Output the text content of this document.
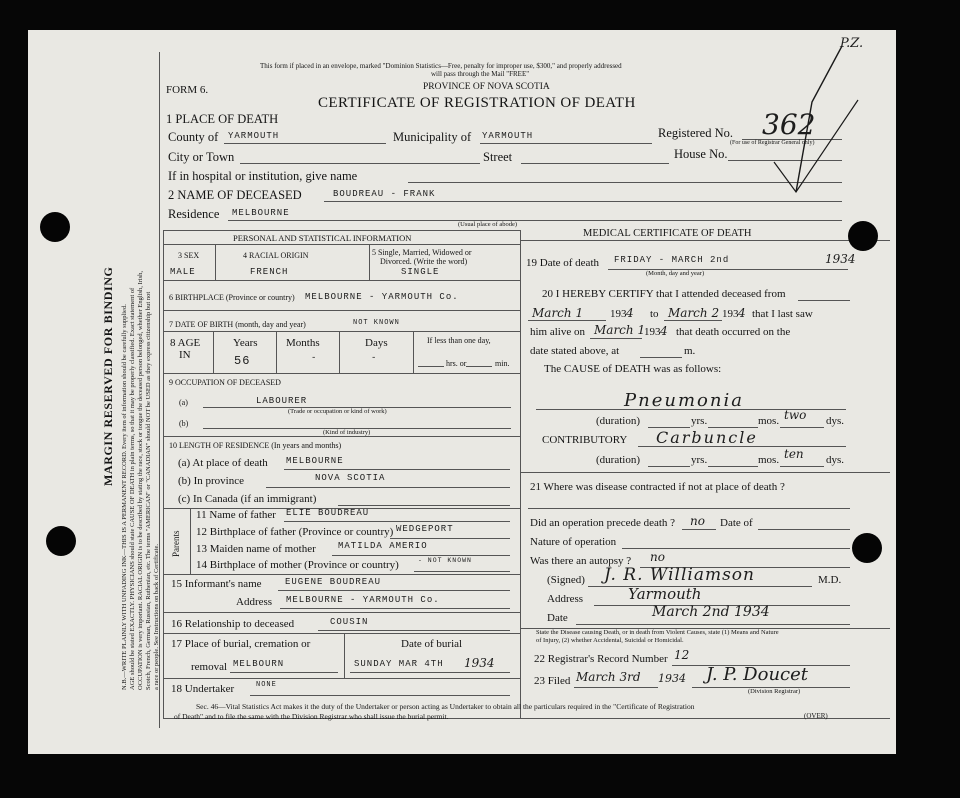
MARGIN RESERVED FOR BINDING N.B.—WRITE PLAINLY WITH UNFADING INK—THIS IS A PERMANENT RECORD. Every item of information should be carefully supplied. AGE should be stated EXACTLY. PHYSICIANS should state CAUSE OF DEATH in plain terms, so that it may be properly classified. Exact statement of OCCUPATION is very important. RACIAL ORIGIN is to be described by stating the race, stock or tongue the deceased person belonged, whether English, Irish, Scotch, French, German, Russian, Ruthenian, etc. The terms "AMERICAN" or "CANADIAN" should NOT be USED as they express citizenship but not a race or people. See Instructions on back of Certificate.
This form if placed in an envelope, marked "Dominion Statistics—Free, penalty for improper use, $300," and properly addressed
will pass through the Mail "FREE"
PROVINCE OF NOVA SCOTIA
FORM 6.
CERTIFICATE OF REGISTRATION OF DEATH
P.Z.
1 PLACE OF DEATH
County of YARMOUTH	Municipality of YARMOUTH	Registered No. 362
(For use of Registrar General only)
City or Town	Street	House No.
If in hospital or institution, give name
2 NAME OF DECEASED	BOUDREAU - FRANK
Residence MELBOURNE
(Usual place of abode)
PERSONAL AND STATISTICAL INFORMATION
3 SEX
MALE
4 RACIAL ORIGIN
FRENCH
5 Single, Married, Widowed or
Divorced. (Write the word)
SINGLE
6 BIRTHPLACE (Province or country) MELBOURNE - YARMOUTH Co.
7 DATE OF BIRTH (month, day and year)	NOT KNOWN
8 AGE
IN
Years
56
Months
-
Days
-
If less than one day,
hrs. or	min.
9 OCCUPATION OF DECEASED
(a)	LABOURER
(Trade or occupation or kind of work)
(b)
(Kind of industry)
10 LENGTH OF RESIDENCE (In years and months)
(a) At place of death MELBOURNE
(b) In province	NOVA SCOTIA
(c) In Canada (if an immigrant)
Parents
11 Name of father ELIE BOUDREAU
12 Birthplace of father (Province or country) WEDGEPORT
13 Maiden name of mother MATILDA AMERIO
14 Birthplace of mother (Province or country)	- NOT KNOWN
15 Informant's name	EUGENE BOUDREAU
Address MELBOURNE - YARMOUTH Co.
16 Relationship to deceased	COUSIN
17 Place of burial, cremation or
removal MELBOURN
Date of burial
SUNDAY MAR 4TH 1934
18 Undertaker	NONE
MEDICAL CERTIFICATE OF DEATH
19 Date of death FRIDAY - MARCH 2nd	1934
(Month, day and year)
20 I HEREBY CERTIFY that I attended deceased from
March 1 193 4 to March 2 193 4 that I last saw
him alive on March 1
193 4 that death occurred on the
date stated above, at	m.
The CAUSE of DEATH was as follows:
Pneumonia
(duration)	yrs.	mos. two dys.
CONTRIBUTORY Carbuncle
(duration)	yrs.	mos. ten dys.
21 Where was disease contracted if not at place of death ?
Did an operation precede death ? no Date of
Nature of operation
Was there an autopsy ? no
(Signed) J. R. Williamson	M.D.
Address	Yarmouth
Date	March 2nd 1934
State the Disease causing Death, or in death from Violent Causes, state (1) Means and Nature
of Injury, (2) whether Accidental, Suicidal or Homicidal.
22 Registrar's Record Number 12
23 Filed March 3rd 1934 J. P. Doucet
(Division Registrar)
Sec. 46—Vital Statistics Act makes it the duty of the Undertaker or person acting as Undertaker to obtain all the particulars required in the "Certificate of Registration
of Death" and to file the same with the Division Registrar who shall issue the burial permit.	(OVER)
